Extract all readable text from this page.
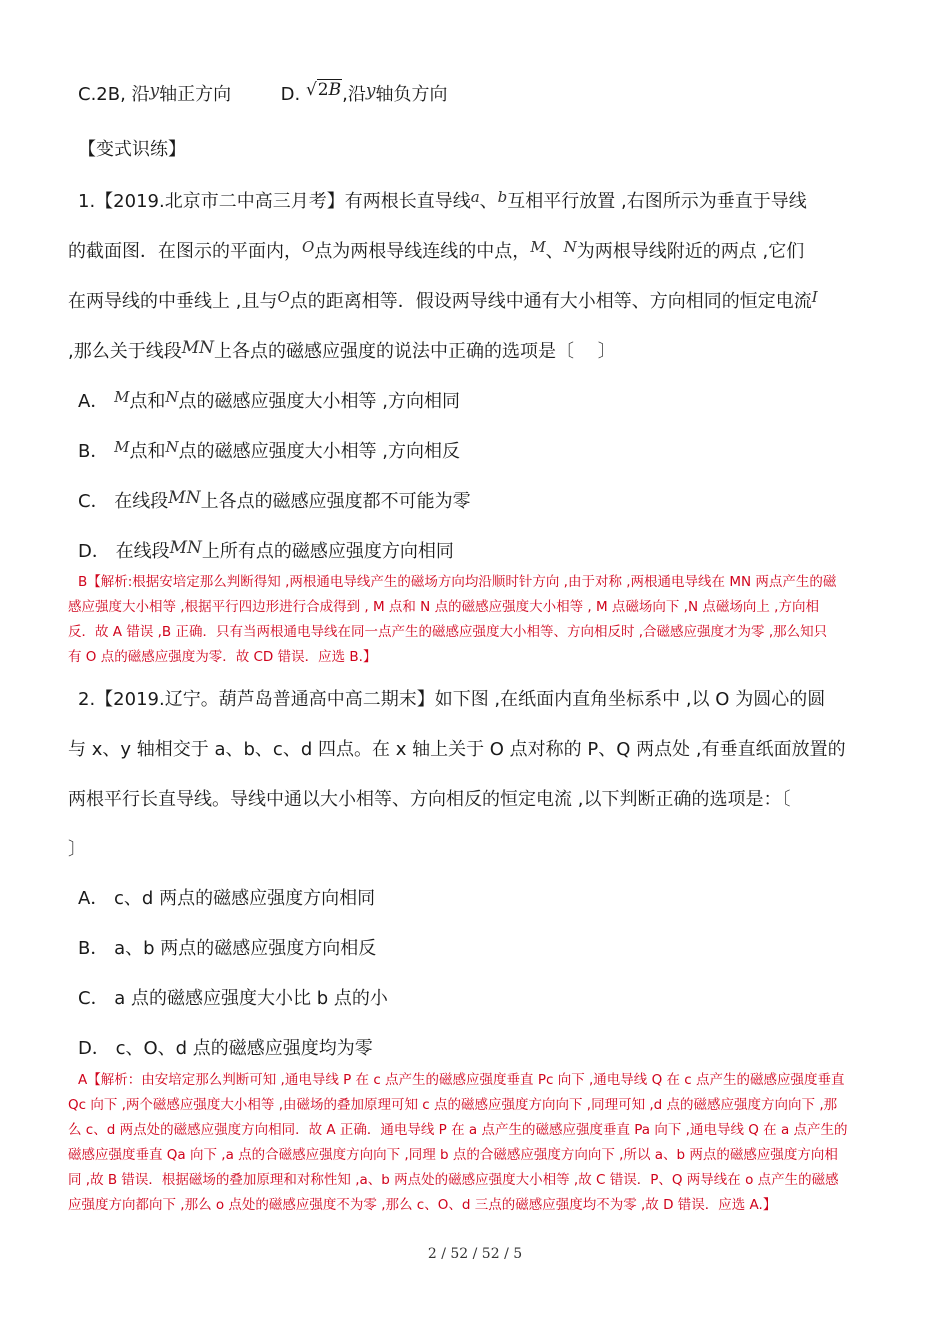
C.2B, 沿y轴正方向	D. √2B,沿y轴负方向
【变式识练】
1.【2019.北京市二中高三月考】有两根长直导线$^a$、$^b$互相平行放置 ,右图所示为垂直于导线
的截面图．在图示的平面内，$^O$点为两根导线连线的中点，$^M$、$^N$为两根导线附近的两点 ,它们
在两导线的中垂线上 ,且与$^O$点的距离相等．假设两导线中通有大小相等、方向相同的恒定电流$^I$
,那么关于线段MN上各点的磁感应强度的说法中正确的选项是〔　 〕
A． $^M$点和$^N$点的磁感应强度大小相等 ,方向相同
B． $^M$点和$^N$点的磁感应强度大小相等 ,方向相反
C． 在线段MN上各点的磁感应强度都不可能为零
D． 在线段MN上所有点的磁感应强度方向相同
B【解析:根据安培定那么判断得知 ,两根通电导线产生的磁场方向均沿顺时针方向 ,由于对称 ,两根通电导线在 MN 两点产生的磁
感应强度大小相等 ,根据平行四边形进行合成得到 , M 点和 N 点的磁感应强度大小相等 , M 点磁场向下 ,N 点磁场向上 ,方向相
反．故 A 错误 ,B 正确．只有当两根通电导线在同一点产生的磁感应强度大小相等、方向相反时 ,合磁感应强度才为零 ,那么知只
有 O 点的磁感应强度为零．故 CD 错误．应选 B.】
2.【2019.辽宁。葫芦岛普通高中高二期末】如下图 ,在纸面内直角坐标系中 ,以 O 为圆心的圆
与 x、y 轴相交于 a、b、c、d 四点。在 x 轴上关于 O 点对称的 P、Q 两点处 ,有垂直纸面放置的
两根平行长直导线。导线中通以大小相等、方向相反的恒定电流 ,以下判断正确的选项是：〔
〕
A． c、d 两点的磁感应强度方向相同
B． a、b 两点的磁感应强度方向相反
C． a 点的磁感应强度大小比 b 点的小
D． c、O、d 点的磁感应强度均为零
A【解析：由安培定那么判断可知 ,通电导线 P 在 c 点产生的磁感应强度垂直 Pc 向下 ,通电导线 Q 在 c 点产生的磁感应强度垂直
Qc 向下 ,两个磁感应强度大小相等 ,由磁场的叠加原理可知 c 点的磁感应强度方向向下 ,同理可知 ,d 点的磁感应强度方向向下 ,那
么 c、d 两点处的磁感应强度方向相同．故 A 正确．通电导线 P 在 a 点产生的磁感应强度垂直 Pa 向下 ,通电导线 Q 在 a 点产生的
磁感应强度垂直 Qa 向下 ,a 点的合磁感应强度方向向下 ,同理 b 点的合磁感应强度方向向下 ,所以 a、b 两点的磁感应强度方向相
同 ,故 B 错误．根据磁场的叠加原理和对称性知 ,a、b 两点处的磁感应强度大小相等 ,故 C 错误．P、Q 两导线在 o 点产生的磁感
应强度方向都向下 ,那么 o 点处的磁感应强度不为零 ,那么 c、O、d 三点的磁感应强度均不为零 ,故 D 错误．应选 A.】
2 / 52 / 52 / 5
